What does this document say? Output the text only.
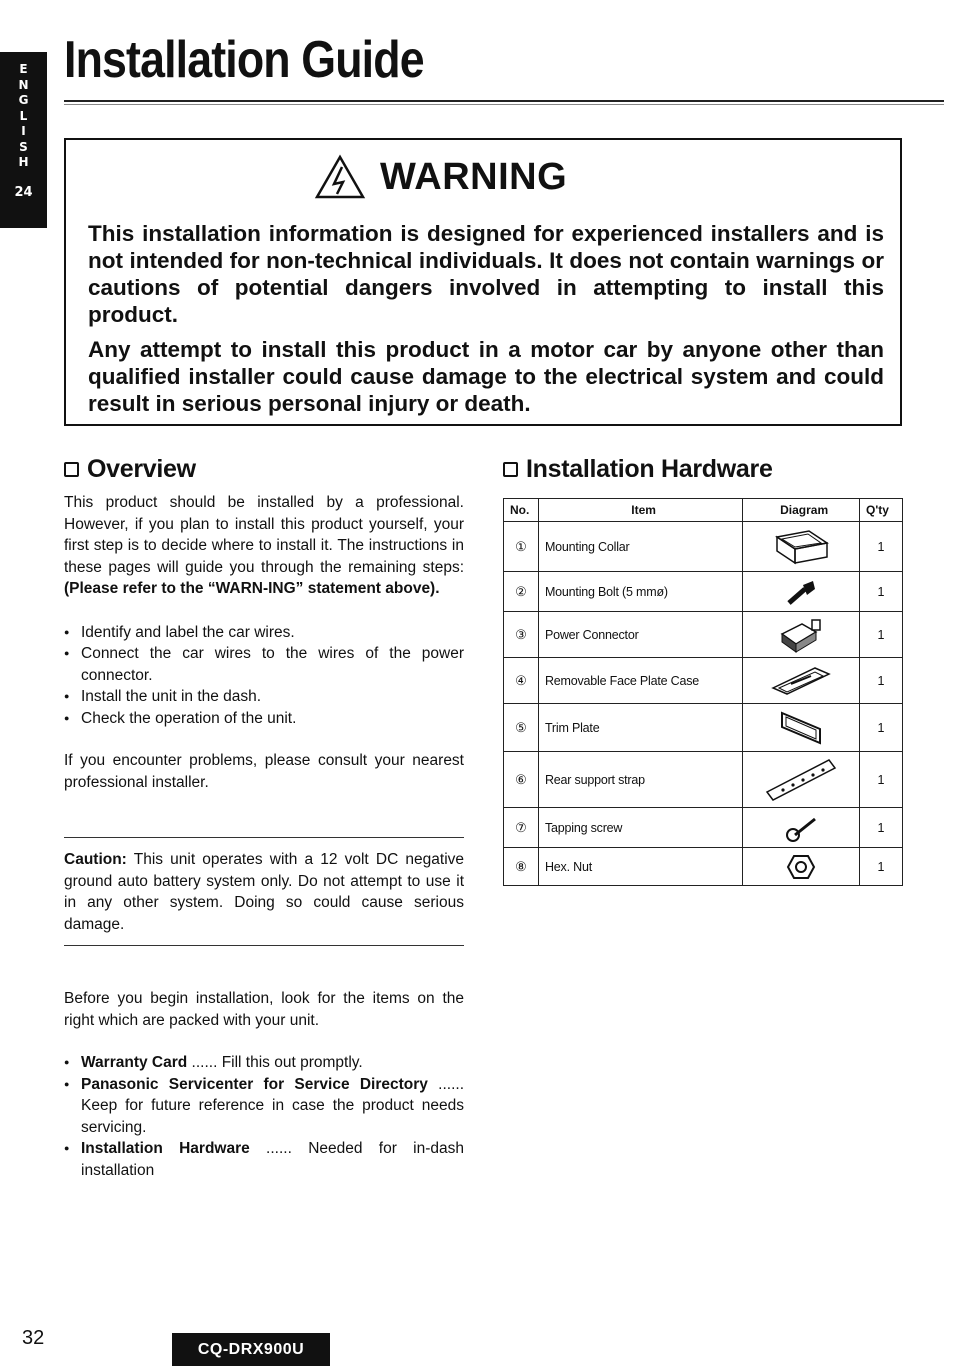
E
N
G
L
I
S
H
24
Installation Guide
WARNING

This installation information is designed for experienced installers and is not intended for non-technical individuals. It does not contain warnings or cautions of potential dangers involved in attempting to install this product.

Any attempt to install this product in a motor car by anyone other than qualified installer could cause damage to the electrical system and could result in serious personal injury or death.

Overview

This product should be installed by a professional. However, if you plan to install this product yourself, your first step is to decide where to install it. The instructions in these pages will guide you through the remaining steps: (Please refer to the “WARN-ING” statement above).

● Identify and label the car wires.
● Connect the car wires to the wires of the power connector.
● Install the unit in the dash.
● Check the operation of the unit.

If you encounter problems, please consult your nearest professional installer.

Caution: This unit operates with a 12 volt DC negative ground auto battery system only. Do not attempt to use it in any other system. Doing so could cause serious damage.

Before you begin installation, look for the items on the right which are packed with your unit.

● Warranty Card ...... Fill this out promptly.
● Panasonic Servicenter for Service Directory ...... Keep for future reference in case the product needs servicing.
● Installation Hardware ...... Needed for in-dash installation
Installation Hardware
No.	Item	Diagram	Q'ty
①	Mounting Collar		1
②	Mounting Bolt (5 mmø)		1
③	Power Connector		1
④	Removable Face Plate Case		1
⑤	Trim Plate		1
⑥	Rear support strap		1
⑦	Tapping screw		1
⑧	Hex. Nut		1
32	CQ-DRX900U
